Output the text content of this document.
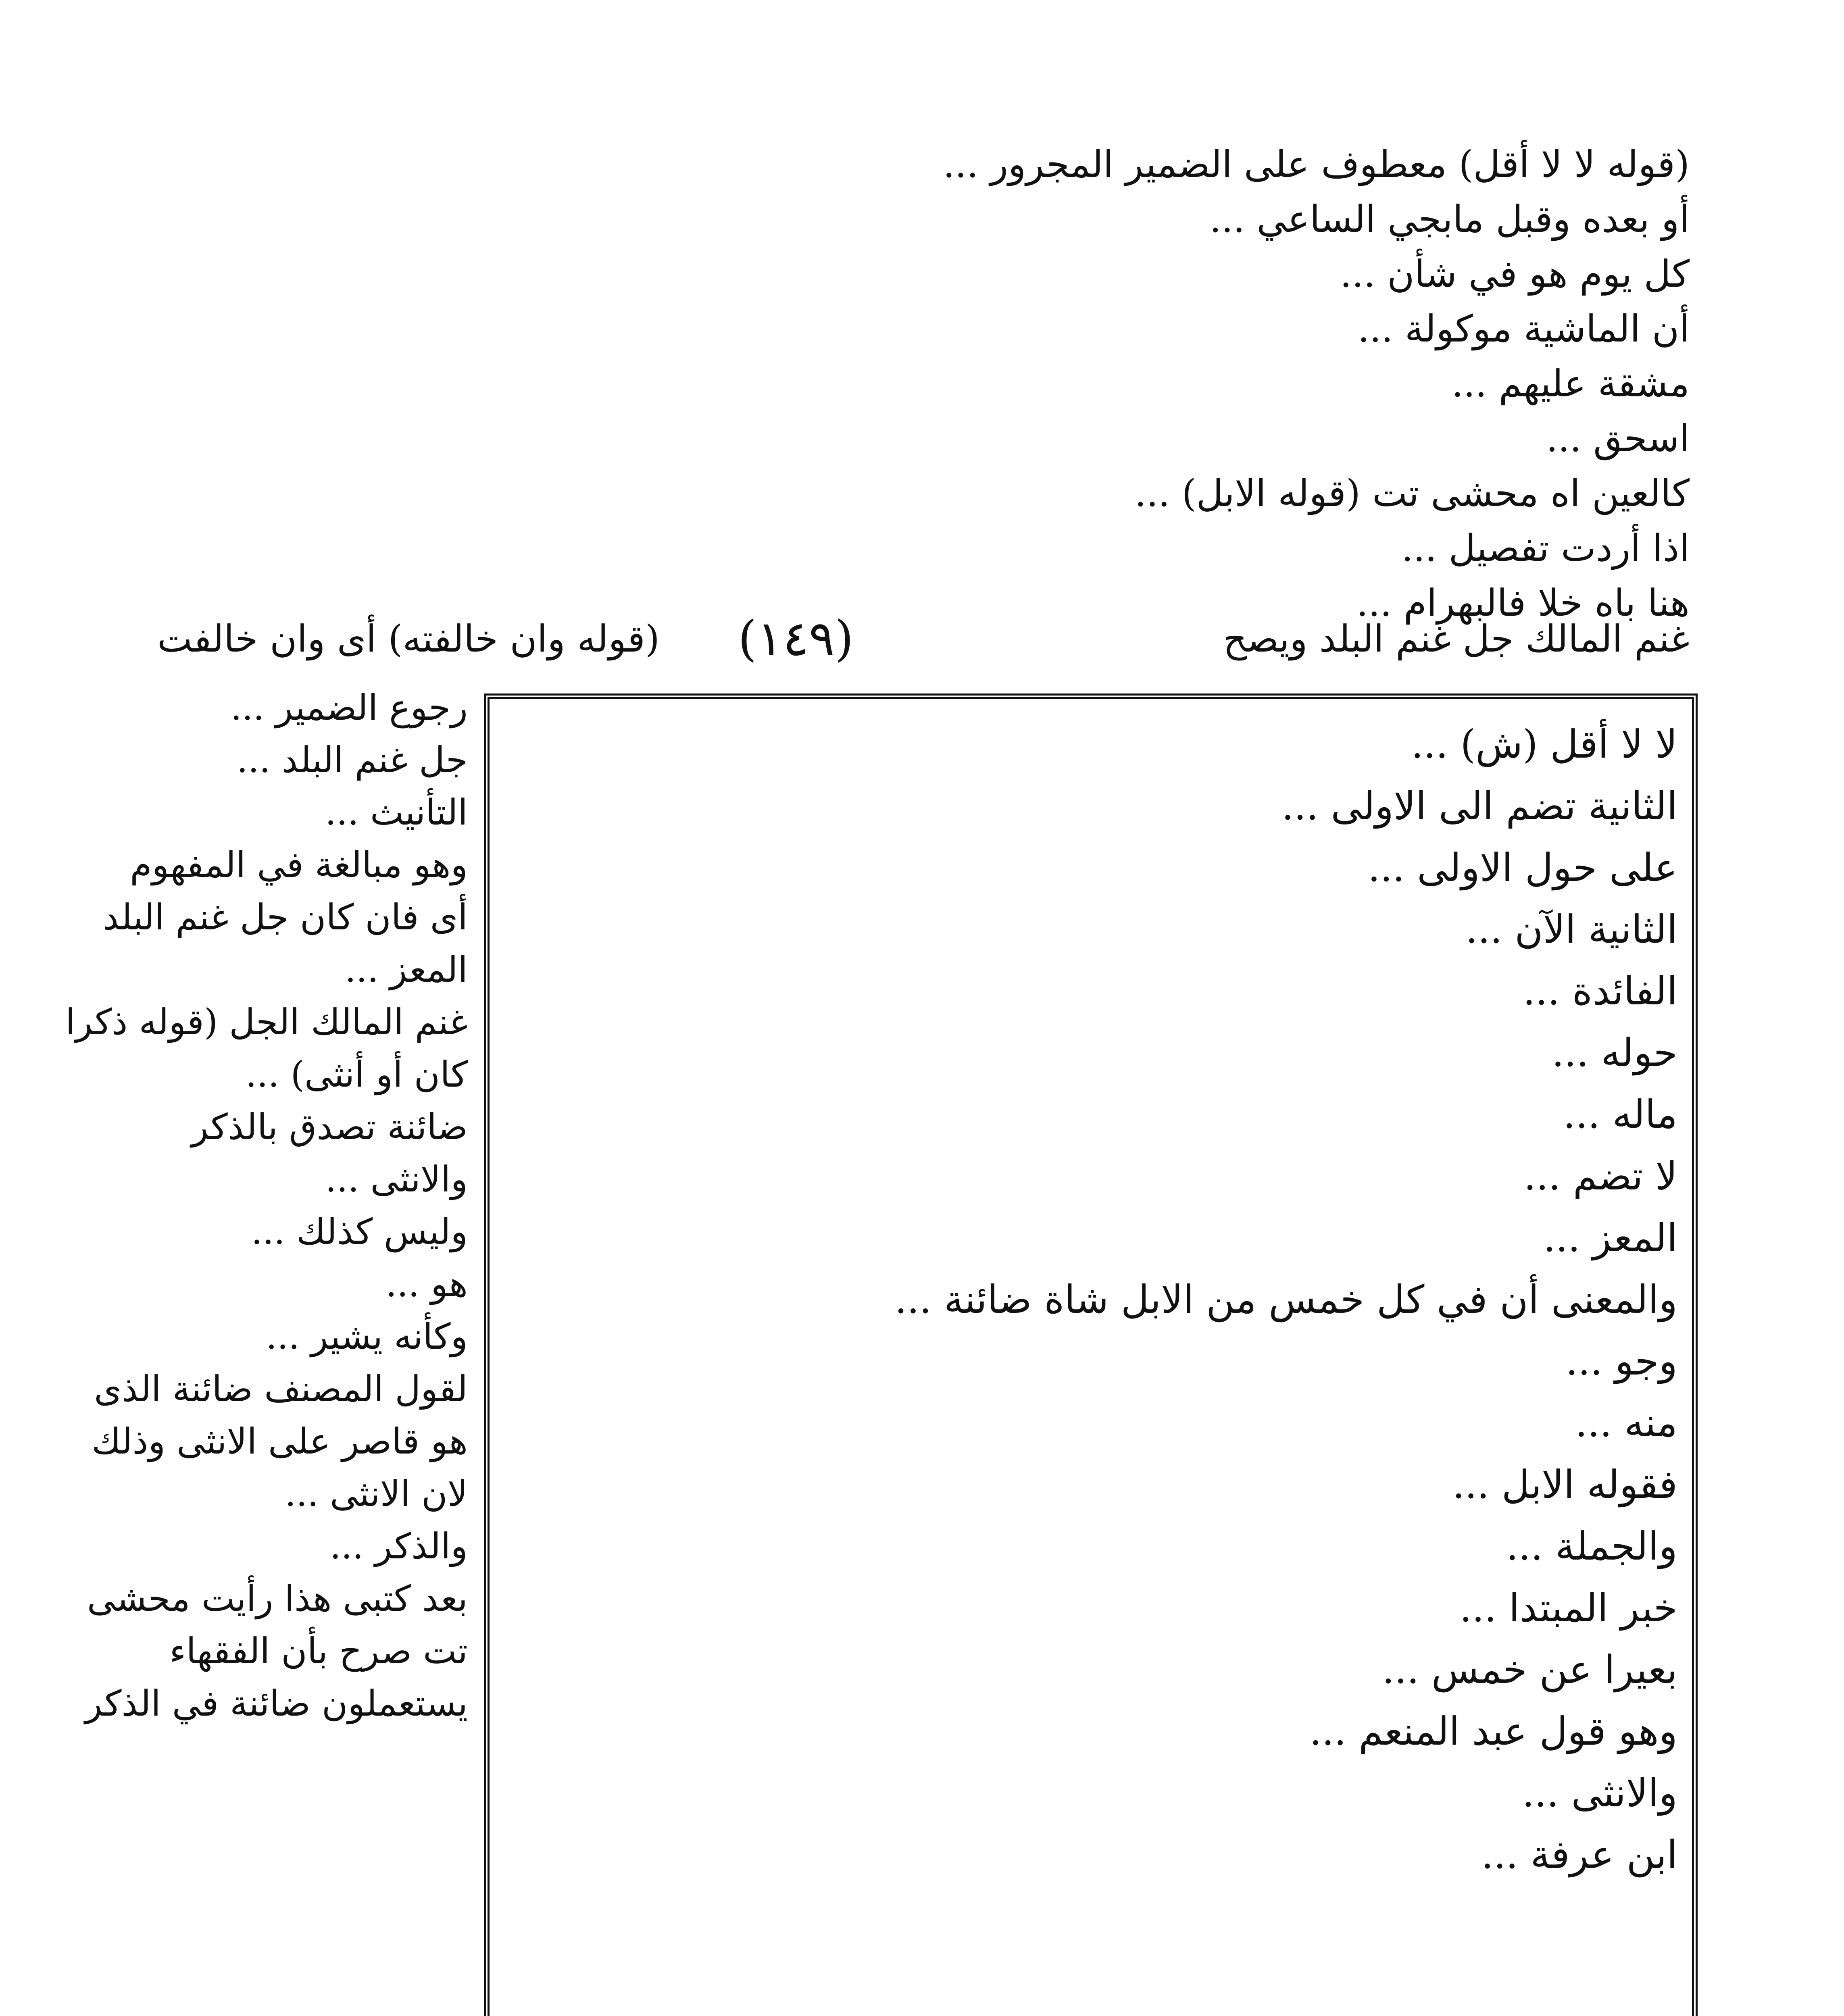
(قوله لا لا أقل) معطوف على الضمير المجرور ...
أو بعده وقبل مابجي الساعي ...
كل يوم هو في شأن ...
أن الماشية موكولة ...
مشقة عليهم ...
اسحق ...
كالعين اه محشى تت (قوله الابل) ...
اذا أردت تفصيل ...
هنا باه خلا فالبهرام ...
غنم المالك جل غنم البلد ويصح
(١٤٩)
(قوله وان خالفته) أى وان خالفت
لا لا أقل (ش) ...
الثانية تضم الى الاولى ...
على حول الاولى ...
الثانية الآن ...
الفائدة ...
حوله ...
ماله ...
لا تضم ...
المعز ...
والمعنى أن في كل خمس من الابل شاة ضائنة ...
وجو ...
منه ...
فقوله الابل ...
والجملة ...
خبر المبتدا ...
بعيرا عن خمس ...
وهو قول عبد المنعم ...
والانثى ...
ابن عرفة ...
رجوع الضمير ...
جل غنم البلد ...
التأنيث ...
وهو مبالغة في المفهوم
أى فان كان جل غنم البلد
المعز ...
غنم المالك الجل (قوله ذكرا
كان أو أنثى) ...
ضائنة تصدق بالذكر
والانثى ...
وليس كذلك ...
هو ...
وكأنه يشير ...
لقول المصنف ضائنة الذى
هو قاصر على الانثى وذلك
لان الانثى ...
والذكر ...
بعد كتبى هذا رأيت محشى
تت صرح بأن الفقهاء
يستعملون ضائنة في الذكر
